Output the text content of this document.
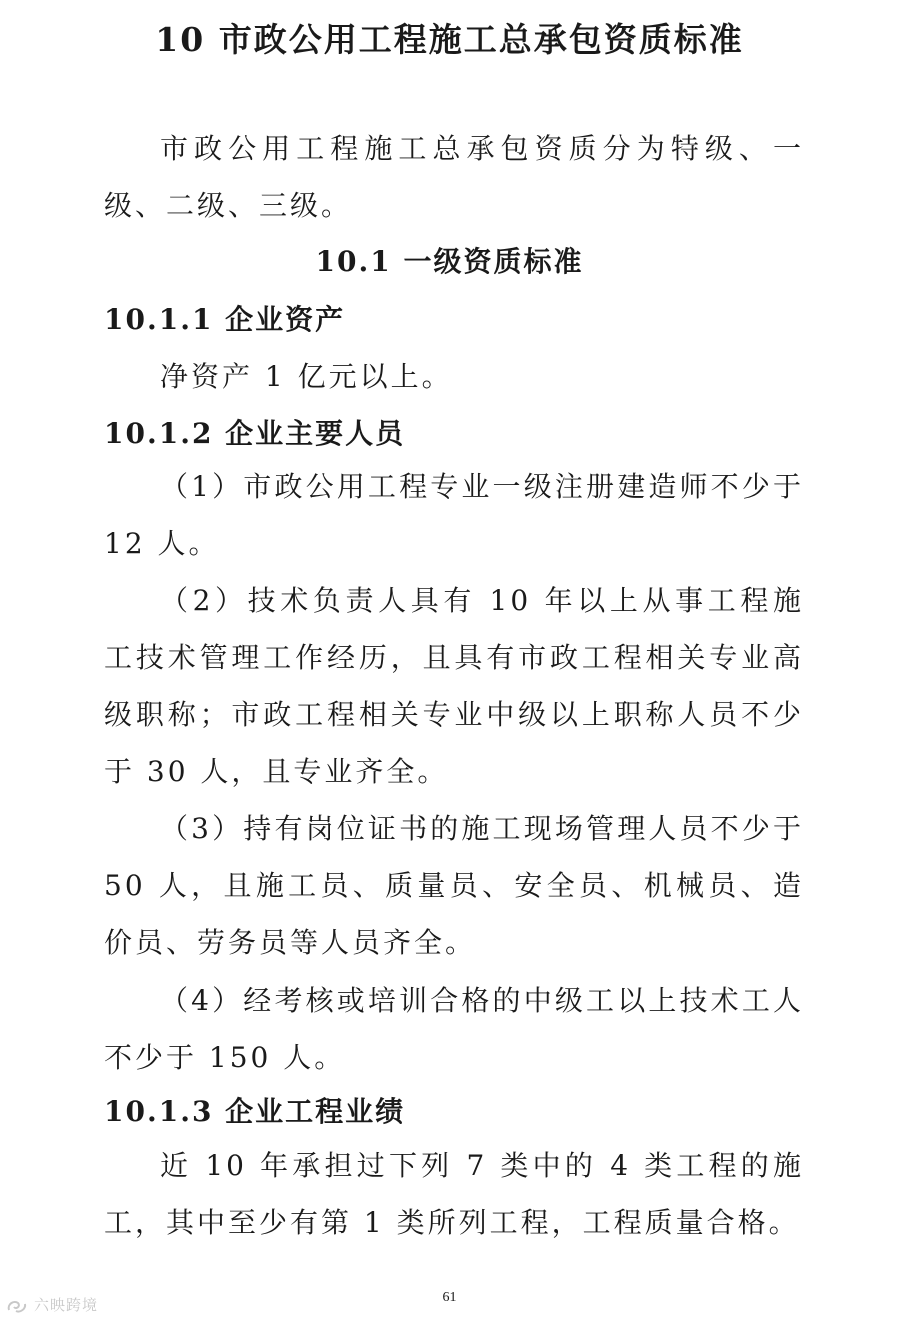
10 市政公用工程施工总承包资质标准

市政公用工程施工总承包资质分为特级、一级、二级、三级。

10.1 一级资质标准
10.1.1 企业资产
净资产 1 亿元以上。
10.1.2 企业主要人员

（1）市政公用工程专业一级注册建造师不少于 12 人。

（2）技术负责人具有 10 年以上从事工程施工技术管理工作经历，且具有市政工程相关专业高级职称；市政工程相关专业中级以上职称人员不少于 30 人，且专业齐全。

（3）持有岗位证书的施工现场管理人员不少于 50 人，且施工员、质量员、安全员、机械员、造价员、劳务员等人员齐全。

（4）经考核或培训合格的中级工以上技术工人不少于 150 人。

10.1.3 企业工程业绩

近 10 年承担过下列 7 类中的 4 类工程的施工，其中至少有第 1 类所列工程，工程质量合格。

61
六映跨境
